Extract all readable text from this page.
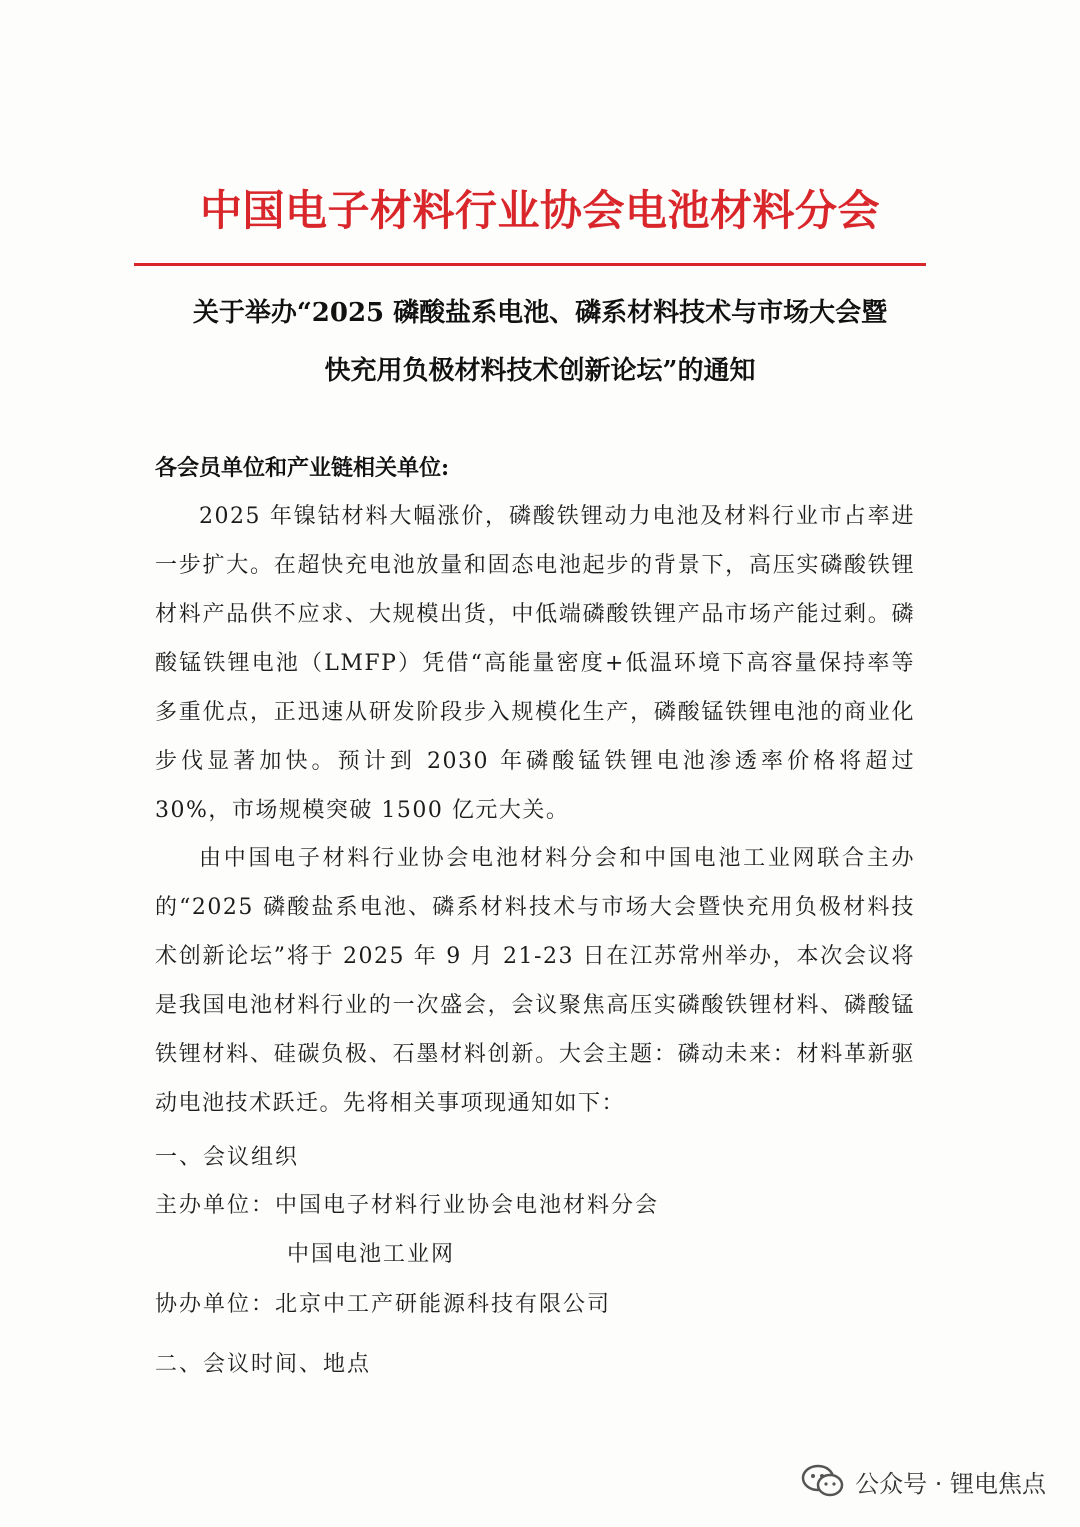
中国电子材料行业协会电池材料分会
关于举办“2025 磷酸盐系电池、磷系材料技术与市场大会暨
快充用负极材料技术创新论坛”的通知
各会员单位和产业链相关单位:

2025 年镍钴材料大幅涨价，磷酸铁锂动力电池及材料行业市占率进一步扩大。在超快充电池放量和固态电池起步的背景下，高压实磷酸铁锂材料产品供不应求、大规模出货，中低端磷酸铁锂产品市场产能过剩。磷酸锰铁锂电池（LMFP）凭借“高能量密度+低温环境下高容量保持率等多重优点，正迅速从研发阶段步入规模化生产，磷酸锰铁锂电池的商业化步伐显著加快。预计到 2030 年磷酸锰铁锂电池渗透率价格将超过 30%，市场规模突破 1500 亿元大关。

由中国电子材料行业协会电池材料分会和中国电池工业网联合主办的“2025 磷酸盐系电池、磷系材料技术与市场大会暨快充用负极材料技术创新论坛”将于 2025 年 9 月 21-23 日在江苏常州举办，本次会议将是我国电池材料行业的一次盛会，会议聚焦高压实磷酸铁锂材料、磷酸锰铁锂材料、硅碳负极、石墨材料创新。大会主题：磷动未来：材料革新驱动电池技术跃迁。先将相关事项现通知如下：

一、会议组织
主办单位：中国电子材料行业协会电池材料分会
中国电池工业网
协办单位：北京中工产研能源科技有限公司
二、会议时间、地点
公众号 · 锂电焦点
